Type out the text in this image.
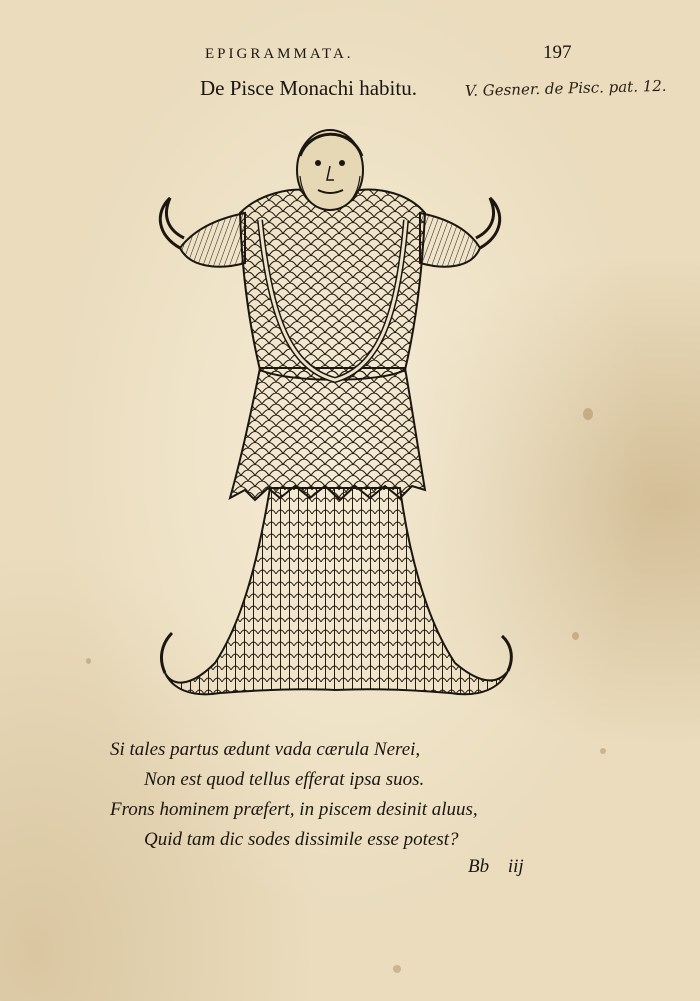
EPIGRAMMATA.	197
De Pisce Monachi habitu.	V. Gesner. de Pisc. pat. 12.
Si tales partus ædunt vada cærula Nerei,
Non est quod tellus efferat ipsa suos.
Frons hominem præfert, in piscem desinit aluus,
Quid tam dic sodes dissimile esse potest?
Bb iij
